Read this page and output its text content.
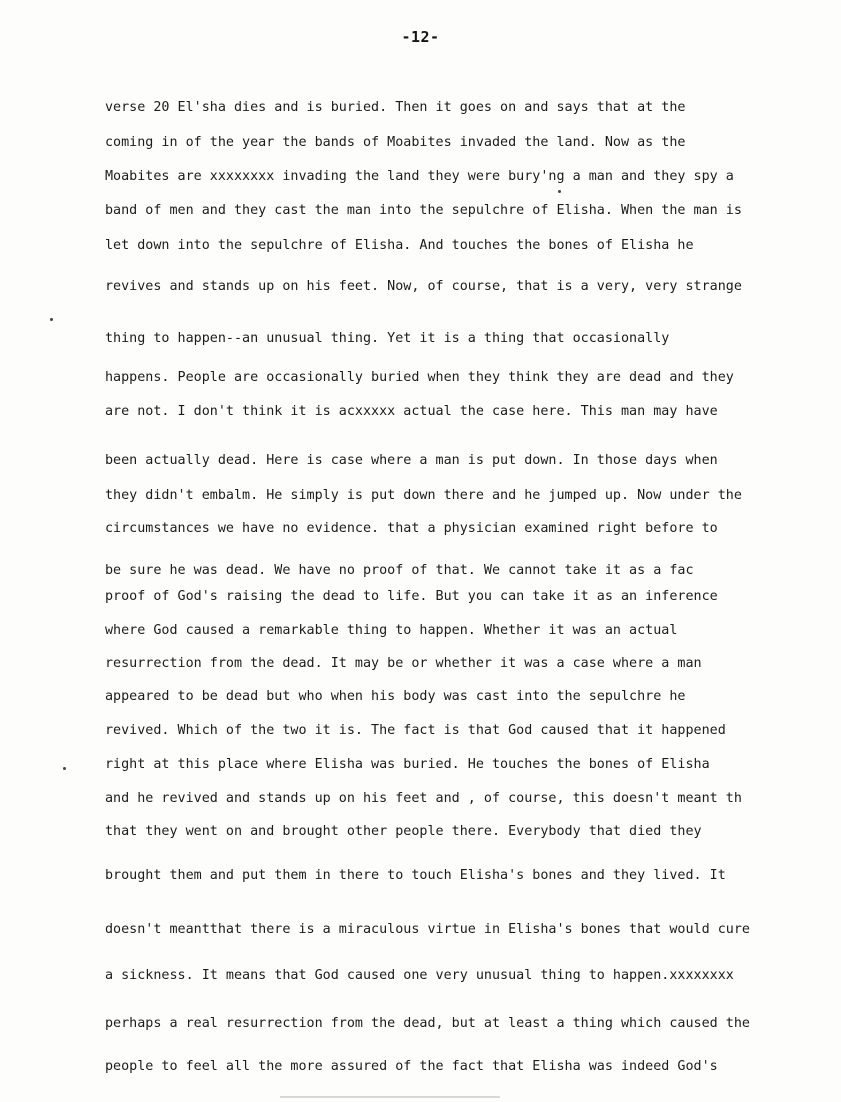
-12-
verse 20 El'sha dies and is buried. Then it goes on and says that at the
coming in of the year the bands of Moabites invaded the land. Now as the
Moabites are xxxxxxxx invading the land they were bury'ng a man and they spy a
band of men and they cast the man into the sepulchre of Elisha. When the man is
let down into the sepulchre of Elisha. And touches the bones of Elisha he
revives and stands up on his feet. Now, of course, that is a very, very strange
thing to happen--an unusual thing. Yet it is a thing that occasionally
happens. People are occasionally buried when they think they are dead and they
are not. I don't think it is acxxxxx actual the case here. This man may have
been actually dead. Here is case where a man is put down. In those days when
they didn't embalm. He simply is put down there and he jumped up. Now under the
circumstances we have no evidence. that a physician examined right before to
be sure he was dead. We have no proof of that. We cannot take it as a fac
proof of God's raising the dead to life. But you can take it as an inference
where God caused a remarkable thing to happen. Whether it was an actual
resurrection from the dead. It may be or whether it was a case where a man
appeared to be dead but who when his body was cast into the sepulchre he
revived. Which of the two it is. The fact is that God caused that it happened
right at this place where Elisha was buried. He touches the bones of Elisha
and he revived and stands up on his feet and , of course, this doesn't meant th
that they went on and brought other people there. Everybody that died they
brought them and put them in there to touch Elisha's bones and they lived. It
doesn't meantthat there is a miraculous virtue in Elisha's bones that would cure
a sickness. It means that God caused one very unusual thing to happen.xxxxxxxx
perhaps a real resurrection from the dead, but at least a thing which caused the
people to feel all the more assured of the fact that Elisha was indeed God's
